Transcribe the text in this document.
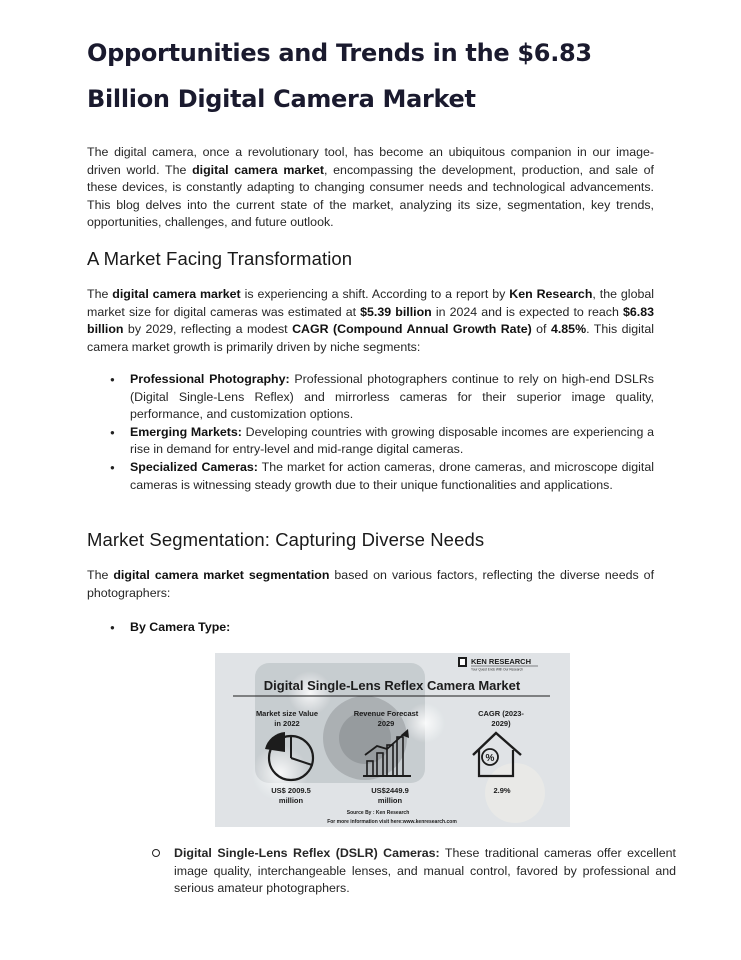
Opportunities and Trends in the $6.83 Billion Digital Camera Market

The digital camera, once a revolutionary tool, has become an ubiquitous companion in our image-driven world. The digital camera market, encompassing the development, production, and sale of these devices, is constantly adapting to changing consumer needs and technological advancements. This blog delves into the current state of the market, analyzing its size, segmentation, key trends, opportunities, challenges, and future outlook.

A Market Facing Transformation

The digital camera market is experiencing a shift. According to a report by Ken Research, the global market size for digital cameras was estimated at $5.39 billion in 2024 and is expected to reach $6.83 billion by 2029, reflecting a modest CAGR (Compound Annual Growth Rate) of 4.85%. This digital camera market growth is primarily driven by niche segments:

● Professional Photography: Professional photographers continue to rely on high-end DSLRs (Digital Single-Lens Reflex) and mirrorless cameras for their superior image quality, performance, and customization options.
● Emerging Markets: Developing countries with growing disposable incomes are experiencing a rise in demand for entry-level and mid-range digital cameras.
● Specialized Cameras: The market for action cameras, drone cameras, and microscope digital cameras is witnessing steady growth due to their unique functionalities and applications.
Market Segmentation: Capturing Diverse Needs

The digital camera market segmentation based on various factors, reflecting the diverse needs of photographers:

● By Camera Type:
KEN RESEARCH
Your Quest Ends With Our Research
Digital Single-Lens Reflex Camera Market
Market size Value
in 2022
Revenue Forecast
2029
CAGR (2023-
2029)
%
US$ 2009.5
million
US$2449.9
million
2.9%
Source By : Ken Research
For more information visit here:www.kenresearch.com
Digital Single-Lens Reflex (DSLR) Cameras: These traditional cameras offer excellent image quality, interchangeable lenses, and manual control, favored by professional and serious amateur photographers.
